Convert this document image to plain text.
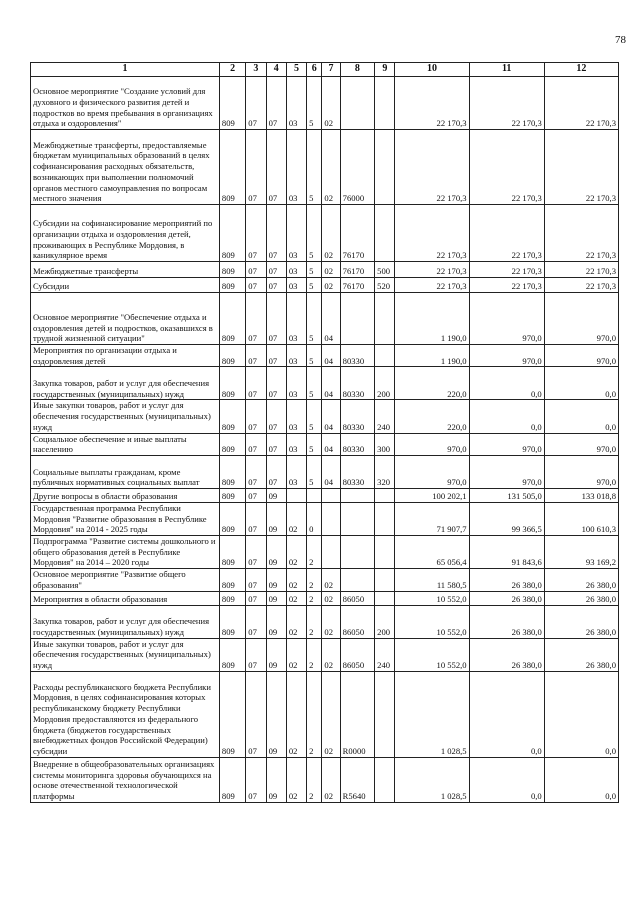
78
1	2	3	4	5	6	7	8	9	10	11	12
Основное мероприятие "Создание условий для духовного и физического развития детей и подростков во время пребывания в организациях отдыха и оздоровления"	809	07	07	03	5	02			22 170,3	22 170,3	22 170,3
Межбюджетные трансферты, предоставляемые бюджетам муниципальных образований в целях софинансирования расходных обязательств, возникающих при выполнении полномочий органов местного самоуправления по вопросам местного значения	809	07	07	03	5	02	76000		22 170,3	22 170,3	22 170,3
Субсидии на софинансирование мероприятий по организации отдыха и оздоровления детей, проживающих в Республике Мордовия, в каникулярное время	809	07	07	03	5	02	76170		22 170,3	22 170,3	22 170,3
Межбюджетные трансферты	809	07	07	03	5	02	76170	500	22 170,3	22 170,3	22 170,3
Субсидии	809	07	07	03	5	02	76170	520	22 170,3	22 170,3	22 170,3
Основное мероприятие "Обеспечение отдыха и оздоровления детей и подростков, оказавшихся в трудной жизненной ситуации"	809	07	07	03	5	04			1 190,0	970,0	970,0
Мероприятия по организации отдыха и оздоровления детей	809	07	07	03	5	04	80330		1 190,0	970,0	970,0
Закупка товаров, работ и услуг для обеспечения государственных (муниципальных) нужд	809	07	07	03	5	04	80330	200	220,0	0,0	0,0
Иные закупки товаров, работ и услуг для обеспечения государственных (муниципальных) нужд	809	07	07	03	5	04	80330	240	220,0	0,0	0,0
Социальное обеспечение и иные выплаты населению	809	07	07	03	5	04	80330	300	970,0	970,0	970,0
Социальные выплаты гражданам, кроме публичных нормативных социальных выплат	809	07	07	03	5	04	80330	320	970,0	970,0	970,0
Другие вопросы в области образования	809	07	09						100 202,1	131 505,0	133 018,8
Государственная программа Республики Мордовия "Развитие образования в Республике Мордовия" на 2014 - 2025 годы	809	07	09	02	0				71 907,7	99 366,5	100 610,3
Подпрограмма "Развитие системы дошкольного и общего образования детей в Республике Мордовия" на 2014 – 2020 годы	809	07	09	02	2				65 056,4	91 843,6	93 169,2
Основное мероприятие "Развитие общего образования"	809	07	09	02	2	02			11 580,5	26 380,0	26 380,0
Мероприятия в области образования	809	07	09	02	2	02	86050		10 552,0	26 380,0	26 380,0
Закупка товаров, работ и услуг для обеспечения государственных (муниципальных) нужд	809	07	09	02	2	02	86050	200	10 552,0	26 380,0	26 380,0
Иные закупки товаров, работ и услуг для обеспечения государственных (муниципальных) нужд	809	07	09	02	2	02	86050	240	10 552,0	26 380,0	26 380,0
Расходы республиканского бюджета Республики Мордовия, в целях софинансирования которых республиканскому бюджету Республики Мордовия предоставляются из федерального бюджета (бюджетов государственных внебюджетных фондов Российской Федерации) субсидии	809	07	09	02	2	02	R0000		1 028,5	0,0	0,0
Внедрение в общеобразовательных организациях системы мониторинга здоровья обучающихся на основе отечественной технологической платформы	809	07	09	02	2	02	R5640		1 028,5	0,0	0,0
